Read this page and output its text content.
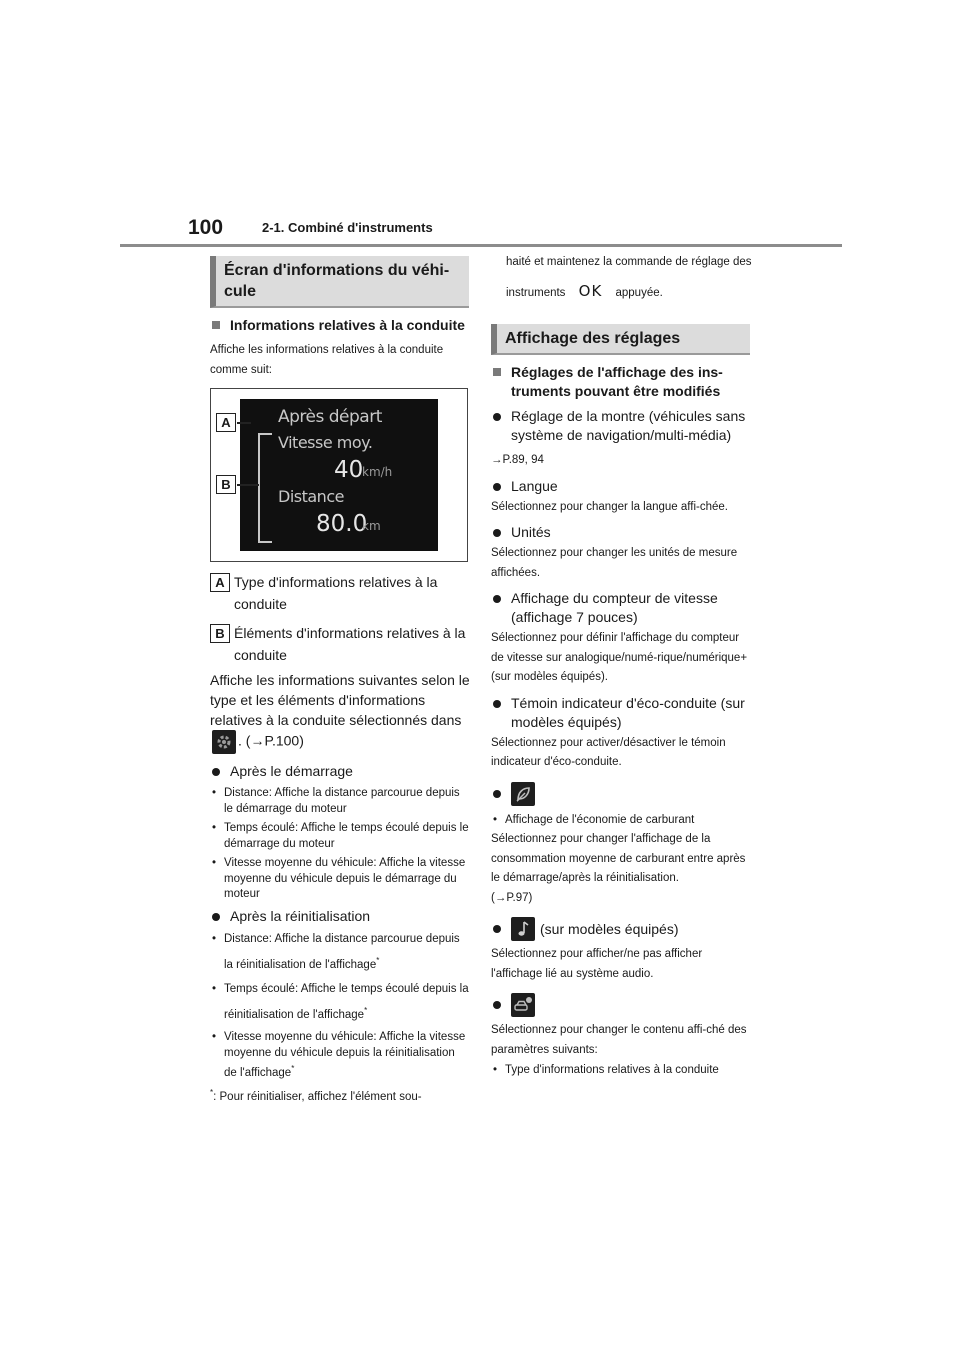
100	2-1. Combiné d'instruments
Écran d'informations du véhi-cule
Informations relatives à la conduite

Affiche les informations relatives à la conduite comme suit:

Après départ
Vitesse moy.
40
km/h
Distance
80.0
km
A
B
A Type d'informations relatives à la conduite
B Éléments d'informations relatives à la conduite

Affiche les informations suivantes selon le type et les éléments d'informations relatives à la conduite sélectionnés dans . (→P.100)

Après le démarrage
• Distance: Affiche la distance parcourue depuis le démarrage du moteur
• Temps écoulé: Affiche le temps écoulé depuis le démarrage du moteur
• Vitesse moyenne du véhicule: Affiche la vitesse moyenne du véhicule depuis le démarrage du moteur
Après la réinitialisation
• Distance: Affiche la distance parcourue depuis la réinitialisation de l'affichage*
• Temps écoulé: Affiche le temps écoulé depuis la réinitialisation de l'affichage*
• Vitesse moyenne du véhicule: Affiche la vitesse moyenne du véhicule depuis la réinitialisation de l'affichage*

*: Pour réinitialiser, affichez l'élément sou-

haité et maintenez la commande de réglage des instruments OK appuyée.

Affichage des réglages
Réglages de l'affichage des ins-truments pouvant être modifiés
Réglage de la montre (véhicules sans système de navigation/multi-média)

→P.89, 94

Langue

Sélectionnez pour changer la langue affi-chée.

Unités

Sélectionnez pour changer les unités de mesure affichées.

Affichage du compteur de vitesse (affichage 7 pouces)

Sélectionnez pour définir l'affichage du compteur de vitesse sur analogique/numé-rique/numérique+ (sur modèles équipés).

Témoin indicateur d'éco-conduite (sur modèles équipés)

Sélectionnez pour activer/désactiver le témoin indicateur d'éco-conduite.

• Affichage de l'économie de carburant

Sélectionnez pour changer l'affichage de la consommation moyenne de carburant entre après le démarrage/après la réinitialisation.

(→P.97)

(sur modèles équipés)

Sélectionnez pour afficher/ne pas afficher l'affichage lié au système audio.

Sélectionnez pour changer le contenu affi-ché des paramètres suivants:

• Type d'informations relatives à la conduite
